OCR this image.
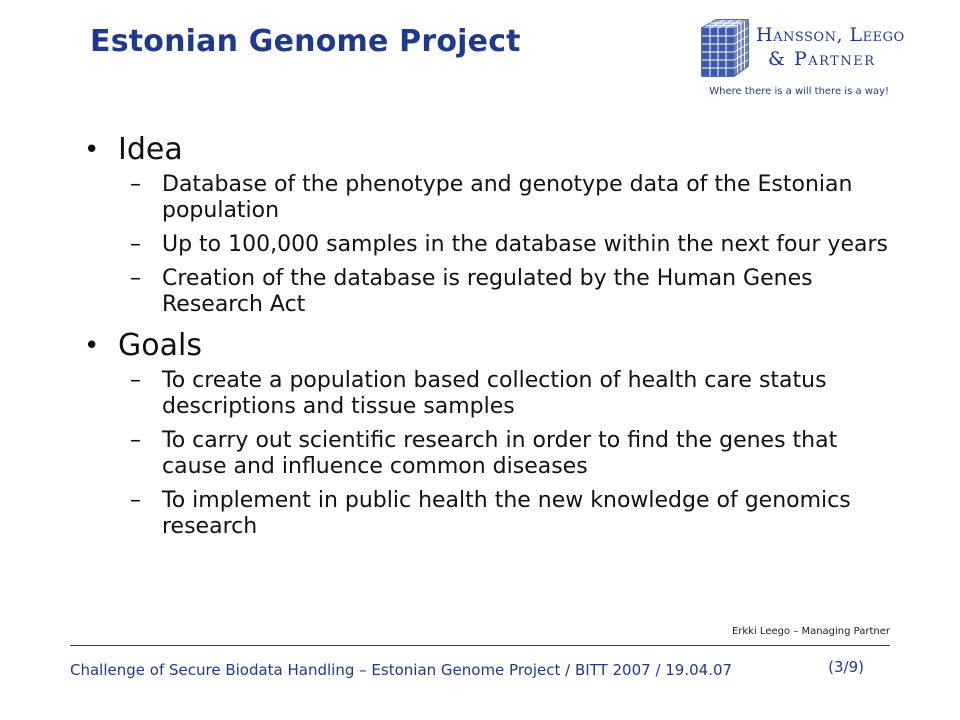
Estonian Genome Project	Hansson, Leego
& Partner
Where there is a will there is a way!
• Idea
– Database of the phenotype and genotype data of the Estonian population
– Up to 100,000 samples in the database within the next four years
– Creation of the database is regulated by the Human Genes Research Act
• Goals
– To create a population based collection of health care status descriptions and tissue samples
– To carry out scientific research in order to find the genes that cause and influence common diseases
– To implement in public health the new knowledge of genomics research
Erkki Leego – Managing Partner
Challenge of Secure Biodata Handling – Estonian Genome Project / BITT 2007 / 19.04.07	(3/9)
